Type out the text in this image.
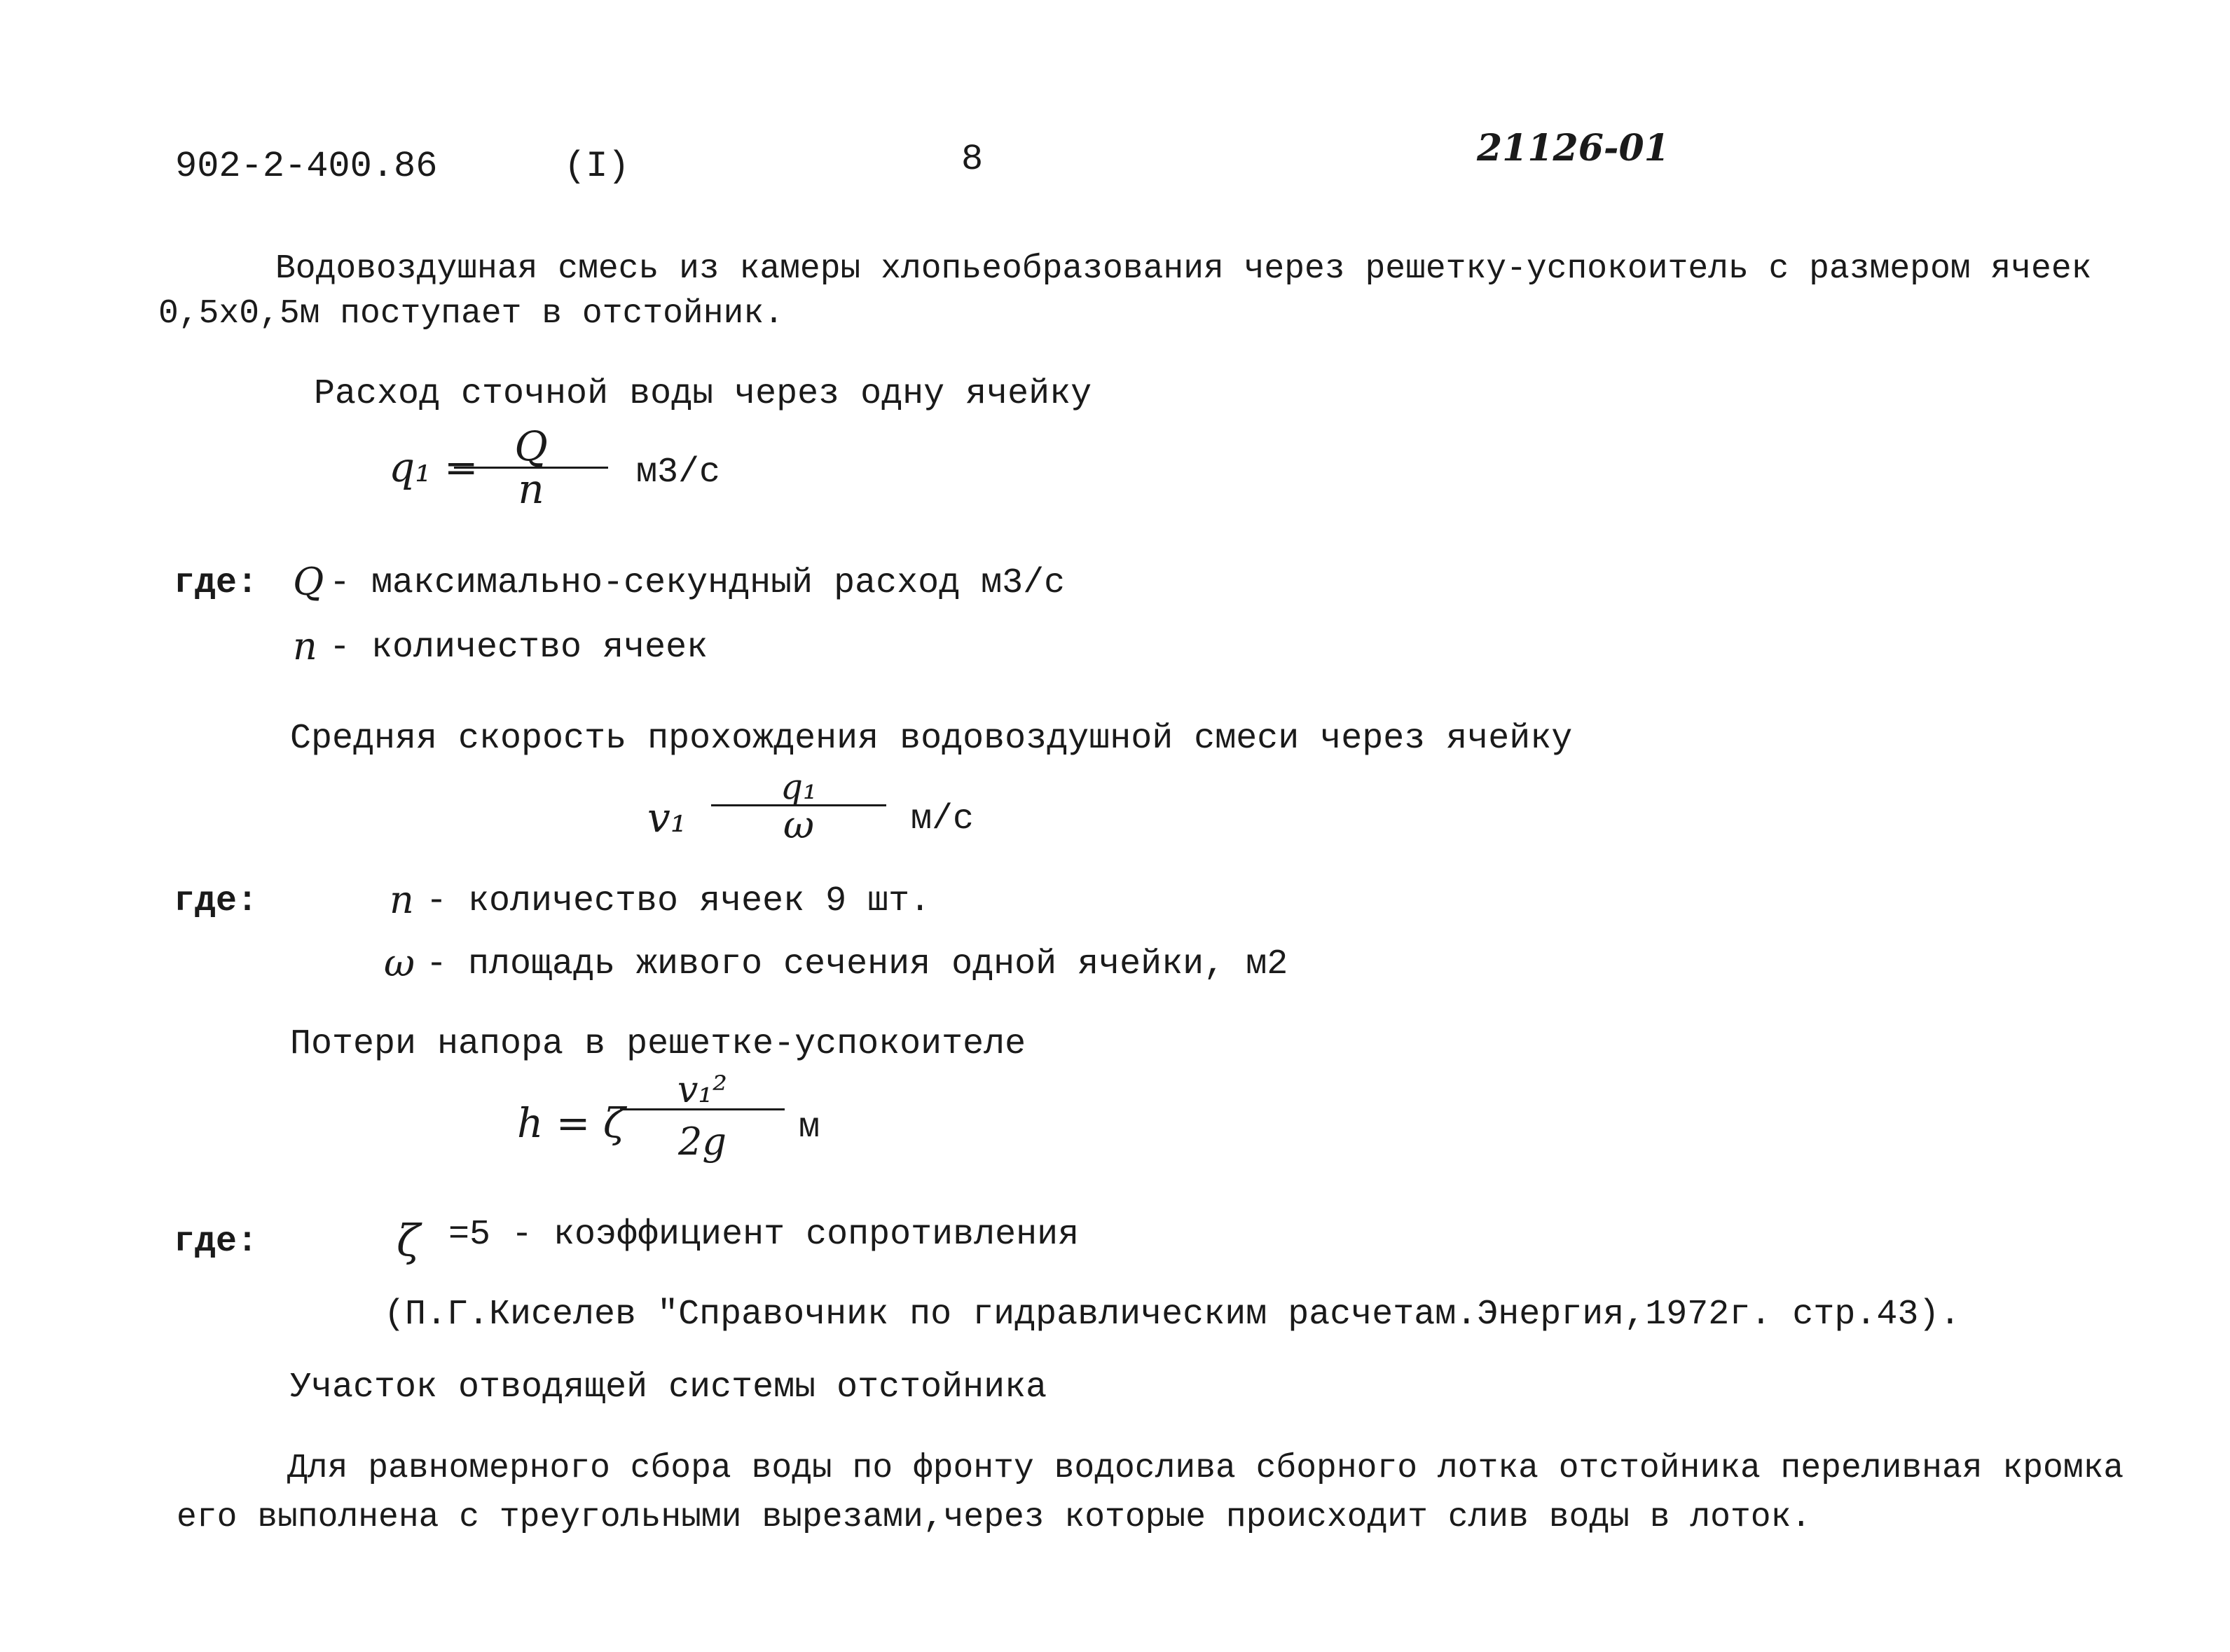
902-2-400.86	(I)	8	21126-01
Водовоздушная смесь из камеры хлопьеобразования через решетку-успокоитель с размером ячеек
0,5х0,5м поступает в отстойник.
Расход сточной воды через одну ячейку
q₁ = Q
n	м3/с
где: Q - максимально-секундный расход м3/с
n - количество ячеек
Средняя скорость прохождения водовоздушной смеси через ячейку
v₁
q₁
ω	м/с
где:	n - количество ячеек 9 шт.
ω - площадь живого сечения одной ячейки, м2
Потери напора в решетке-успокоителе
h = ζ
v₁²
2g	м
где:	ζ =5 - коэффициент сопротивления
(П.Г.Киселев "Справочник по гидравлическим расчетам.Энергия,1972г. стр.43).
Участок отводящей системы отстойника
Для равномерного сбора воды по фронту водослива сборного лотка отстойника переливная кромка
его выполнена с треугольными вырезами,через которые происходит слив воды в лоток.
